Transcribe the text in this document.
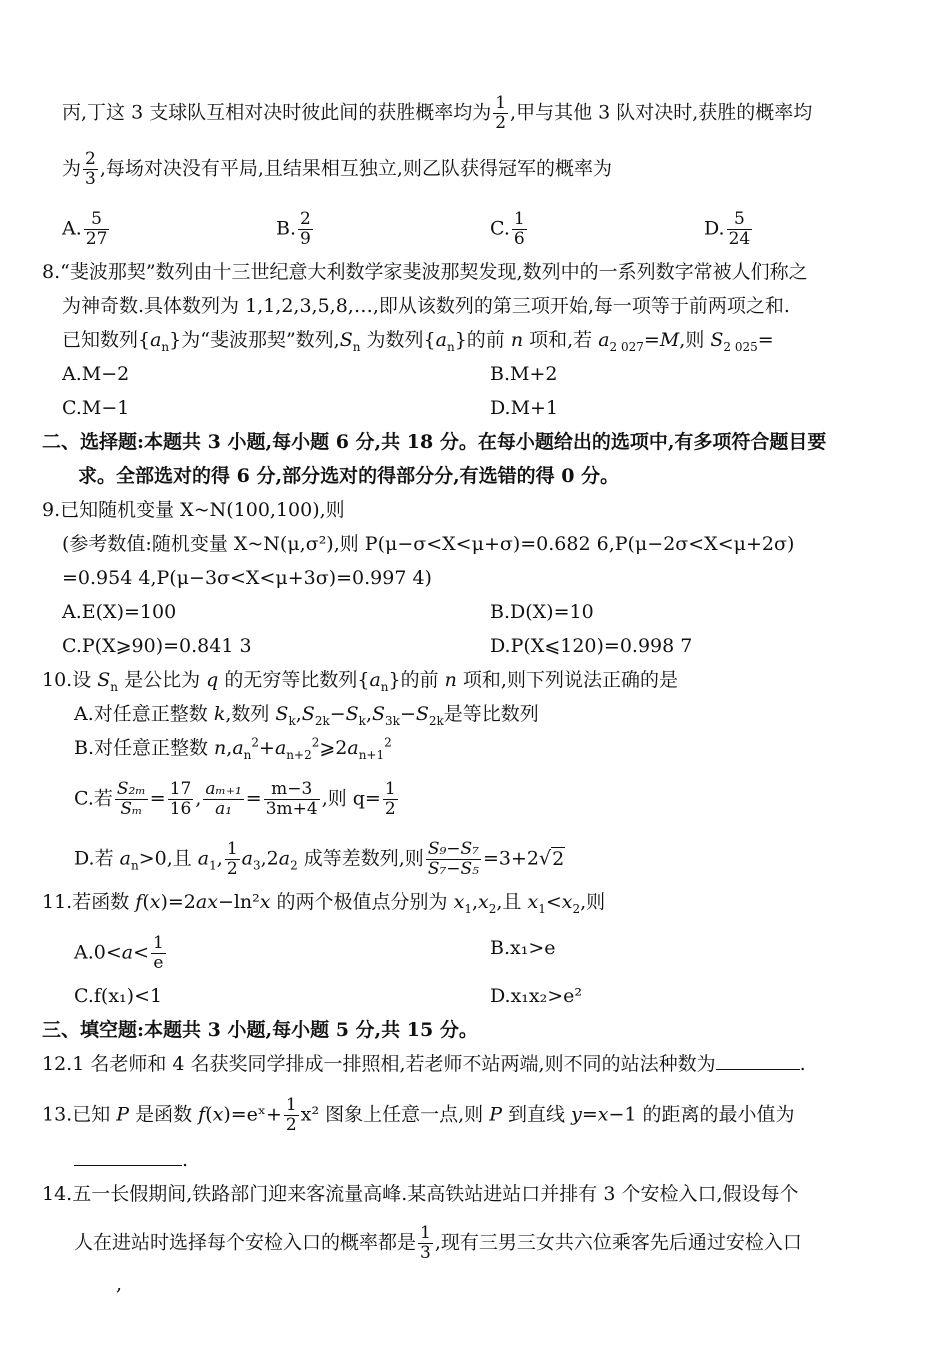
丙,丁这 3 支球队互相对决时彼此间的获胜概率均为 $\frac{1}{2}$ ,甲与其他 3 队对决时,获胜的概率均
为 $\frac{2}{3}$ ,每场对决没有平局,且结果相互独立,则乙队获得冠军的概率为
A. $\frac{5}{27}$	B. $\frac{2}{9}$	C. $\frac{1}{6}$	D. $\frac{5}{24}$
8.“斐波那契”数列由十三世纪意大利数学家斐波那契发现,数列中的一系列数字常被人们称之
为神奇数.具体数列为 1,1,2,3,5,8,…,即从该数列的第三项开始,每一项等于前两项之和.
已知数列$\{a_n\}$为“斐波那契”数列$,S_n$ 为数列$\{a_n\}$的前 n 项和,若 $a_{2 027}=M$,则 $S_{2 025}=$
A.M−2	B.M+2
C.M−1	D.M+1
二、选择题:本题共 3 小题,每小题 6 分,共 18 分。在每小题给出的选项中,有多项符合题目要
求。全部选对的得 6 分,部分选对的得部分分,有选错的得 0 分。
9.已知随机变量 X~N(100,100),则
(参考数值:随机变量 X~N(μ,σ²),则 P(μ−σ<X<μ+σ)=0.682 6,P(μ−2σ<X<μ+2σ)
=0.954 4,P(μ−3σ<X<μ+3σ)=0.997 4)
A.E(X)=100	B.D(X)=10
C.P(X⩾90)=0.841 3	D.P(X⩽120)=0.998 7
10.设 $S_n$ 是公比为 q 的无穷等比数列$\{a_n\}$的前 n 项和,则下列说法正确的是
A.对任意正整数 k,数列 $S_k,S_{2k}-S_k,S_{3k}-S_{2k}$是等比数列
B.对任意正整数 $n,a_n^2+a_{n+2}^2⩾2a_{n+1}^2$
C.若 $\frac{\text{S₂ₘ}}{\text{Sₘ}} = \frac{17}{16}$ , $\frac{\text{aₘ₊₁}}{\text{a₁}} = \frac{m-3}{3m+4}$ ,则 $q= \frac{1}{2}$
D.若 $a_n>0$,且 $a_1$, $\frac{1}{2} a_3,2a_2$ 成等差数列,则 $\frac{\text{S₉−S₇}}{\text{S₇−S₅}} =3+2√2$
11.若函数 f(x)=2ax−ln²x 的两个极值点分别为 $x_1,x_2$,且 $x_1<x_2$,则
$A.0<a< \frac{1}{e}$	B.x₁>e
C.f(x₁)<1	D.x₁x₂>e²
三、填空题:本题共 3 小题,每小题 5 分,共 15 分。
12.1 名老师和 4 名获奖同学排成一排照相,若老师不站两端,则不同的站法种数为	.
13.已知 P 是函数 f(x)=eˣ+ $\frac{1}{2} x^2$ 图象上任意一点,则 P 到直线 y=x−1 的距离的最小值为
.
14.五一长假期间,铁路部门迎来客流量高峰.某高铁站进站口并排有 3 个安检入口,假设每个
人在进站时选择每个安检入口的概率都是 $\frac{1}{3}$ ,现有三男三女共六位乘客先后通过安检入口
,
